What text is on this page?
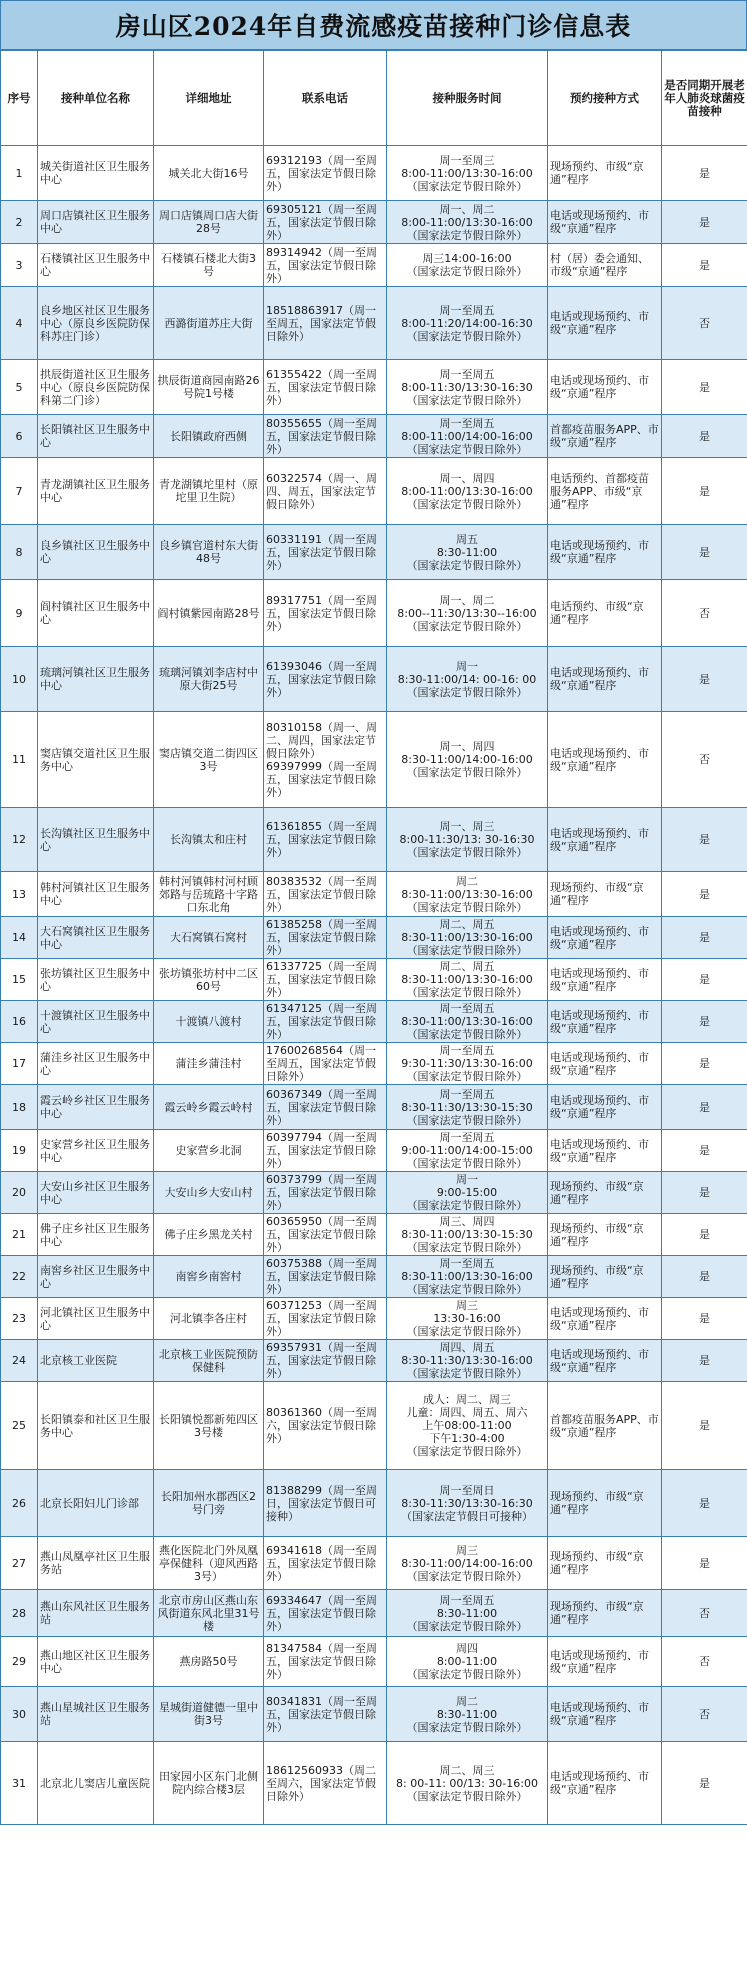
房山区2024年自费流感疫苗接种门诊信息表
序号	接种单位名称	详细地址	联系电话	接种服务时间	预约接种方式	是否同期开展老年人肺炎球菌疫苗接种
1	城关街道社区卫生服务中心	城关北大街16号	69312193（周一至周五，国家法定节假日除外）	周一至周三
8:00-11:00/13:30-16:00
（国家法定节假日除外）	现场预约、市级“京通”程序	是
2	周口店镇社区卫生服务中心	周口店镇周口店大街28号	69305121（周一至周五，国家法定节假日除外）	周一、周二
8:00-11:00/13:30-16:00
（国家法定节假日除外）	电话或现场预约、市级“京通”程序	是
3	石楼镇社区卫生服务中心	石楼镇石楼北大街3号	89314942（周一至周五，国家法定节假日除外）	周三14:00-16:00
（国家法定节假日除外）	村（居）委会通知、市级“京通”程序	是
4	良乡地区社区卫生服务中心（原良乡医院防保科苏庄门诊）	西潞街道苏庄大街	18518863917（周一至周五，国家法定节假日除外）	周一至周五
8:00-11:20/14:00-16:30
（国家法定节假日除外）	电话或现场预约、市级“京通”程序	否
5	拱辰街道社区卫生服务中心（原良乡医院防保科第二门诊）	拱辰街道商园南路26号院1号楼	61355422（周一至周五，国家法定节假日除外）	周一至周五
8:00-11:30/13:30-16:30
（国家法定节假日除外）	电话或现场预约、市级“京通”程序	是
6	长阳镇社区卫生服务中心	长阳镇政府西侧	80355655（周一至周五，国家法定节假日除外）	周一至周五
8:00-11:00/14:00-16:00
（国家法定节假日除外）	首都疫苗服务APP、市级“京通”程序	是
7	青龙湖镇社区卫生服务中心	青龙湖镇坨里村（原坨里卫生院）	60322574（周一、周四、周五，国家法定节假日除外）	周一、周四
8:00-11:00/13:30-16:00
（国家法定节假日除外）	电话预约、首都疫苗服务APP、市级“京通”程序	是
8	良乡镇社区卫生服务中心	良乡镇官道村东大街48号	60331191（周一至周五，国家法定节假日除外）	周五
8:30-11:00
（国家法定节假日除外）	电话或现场预约、市级“京通”程序	是
9	阎村镇社区卫生服务中心	阎村镇紫园南路28号	89317751（周一至周五，国家法定节假日除外）	周一、周二
8:00--11:30/13:30--16:00
（国家法定节假日除外）	电话预约、市级“京通”程序	否
10	琉璃河镇社区卫生服务中心	琉璃河镇刘李店村中原大街25号	61393046（周一至周五，国家法定节假日除外）	周一
8:30-11:00/14: 00-16: 00
（国家法定节假日除外）	电话或现场预约、市级“京通”程序	是
11	窦店镇交道社区卫生服务中心	窦店镇交道二街四区3号	80310158（周一、周二、周四，国家法定节假日除外）
69397999（周一至周五，国家法定节假日除外）	周一、周四
8:30-11:00/14:00-16:00
（国家法定节假日除外）	电话或现场预约、市级“京通”程序	否
12	长沟镇社区卫生服务中心	长沟镇太和庄村	61361855（周一至周五，国家法定节假日除外）	周一、周三
8:00-11:30/13: 30-16:30
（国家法定节假日除外）	电话或现场预约、市级“京通”程序	是
13	韩村河镇社区卫生服务中心	韩村河镇韩村河村顾郊路与岳琉路十字路口东北角	80383532（周一至周五，国家法定节假日除外）	周二
8:30-11:00/13:30-16:00
（国家法定节假日除外）	现场预约、市级“京通”程序	是
14	大石窝镇社区卫生服务中心	大石窝镇石窝村	61385258（周一至周五，国家法定节假日除外）	周二、周五
8:30-11:00/13:30-16:00
（国家法定节假日除外）	电话或现场预约、市级“京通”程序	是
15	张坊镇社区卫生服务中心	张坊镇张坊村中二区60号	61337725（周一至周五，国家法定节假日除外）	周二、周五
8:30-11:00/13:30-16:00
（国家法定节假日除外）	电话或现场预约、市级“京通”程序	是
16	十渡镇社区卫生服务中心	十渡镇八渡村	61347125（周一至周五，国家法定节假日除外）	周一至周五
8:30-11:00/13:30-16:00
（国家法定节假日除外）	电话或现场预约、市级“京通”程序	是
17	蒲洼乡社区卫生服务中心	蒲洼乡蒲洼村	17600268564（周一至周五，国家法定节假日除外）	周一至周五
9:30-11:30/13:30-16:00
（国家法定节假日除外）	电话或现场预约、市级“京通”程序	是
18	霞云岭乡社区卫生服务中心	霞云岭乡霞云岭村	60367349（周一至周五，国家法定节假日除外）	周一至周五
8:30-11:30/13:30-15:30
（国家法定节假日除外）	电话或现场预约、市级“京通”程序	是
19	史家营乡社区卫生服务中心	史家营乡北洞	60397794（周一至周五，国家法定节假日除外）	周一至周五
9:00-11:00/14:00-15:00
（国家法定节假日除外）	电话或现场预约、市级“京通”程序	是
20	大安山乡社区卫生服务中心	大安山乡大安山村	60373799（周一至周五，国家法定节假日除外）	周一
9:00-15:00
（国家法定节假日除外）	现场预约、市级“京通”程序	是
21	佛子庄乡社区卫生服务中心	佛子庄乡黑龙关村	60365950（周一至周五，国家法定节假日除外）	周三、周四
8:30-11:00/13:30-15:30
（国家法定节假日除外）	现场预约、市级“京通”程序	是
22	南窖乡社区卫生服务中心	南窖乡南窖村	60375388（周一至周五，国家法定节假日除外）	周一至周五
8:30-11:00/13:30-16:00
（国家法定节假日除外）	现场预约、市级“京通”程序	是
23	河北镇社区卫生服务中心	河北镇李各庄村	60371253（周一至周五，国家法定节假日除外）	周三
13:30-16:00
（国家法定节假日除外）	电话或现场预约、市级“京通”程序	是
24	北京核工业医院	北京核工业医院预防保健科	69357931（周一至周五，国家法定节假日除外）	周四、周五
8:30-11:30/13:30-16:00
（国家法定节假日除外）	电话或现场预约、市级“京通”程序	是
25	长阳镇泰和社区卫生服务中心	长阳镇悦都新苑四区3号楼	80361360（周一至周六，国家法定节假日除外）	成人：周二、周三
儿童：周四、周五、周六
上午08:00-11:00
下午1:30-4:00
（国家法定节假日除外）	首都疫苗服务APP、市级“京通”程序	是
26	北京长阳妇儿门诊部	长阳加州水郡西区2号门旁	81388299（周一至周日，国家法定节假日可接种）	周一至周日
8:30-11:30/13:30-16:30
（国家法定节假日可接种）	现场预约、市级“京通”程序	是
27	燕山凤凰亭社区卫生服务站	燕化医院北门外凤凰亭保健科（迎风西路3号）	69341618（周一至周五，国家法定节假日除外）	周三
8:30-11:00/14:00-16:00
（国家法定节假日除外）	现场预约、市级“京通”程序	是
28	燕山东风社区卫生服务站	北京市房山区燕山东风街道东风北里31号楼	69334647（周一至周五，国家法定节假日除外）	周一至周五
8:30-11:00
（国家法定节假日除外）	现场预约、市级“京通”程序	否
29	燕山地区社区卫生服务中心	燕房路50号	81347584（周一至周五，国家法定节假日除外）	周四
8:00-11:00
（国家法定节假日除外）	电话或现场预约、市级“京通”程序	否
30	燕山星城社区卫生服务站	星城街道健德一里中街3号	80341831（周一至周五，国家法定节假日除外）	周二
8:30-11:00
（国家法定节假日除外）	电话或现场预约、市级“京通”程序	否
31	北京北儿窦店儿童医院	田家园小区东门北侧院内综合楼3层	18612560933（周二至周六，国家法定节假日除外）	周二、周三
8: 00-11: 00/13: 30-16:00
（国家法定节假日除外）	电话或现场预约、市级“京通”程序	是
